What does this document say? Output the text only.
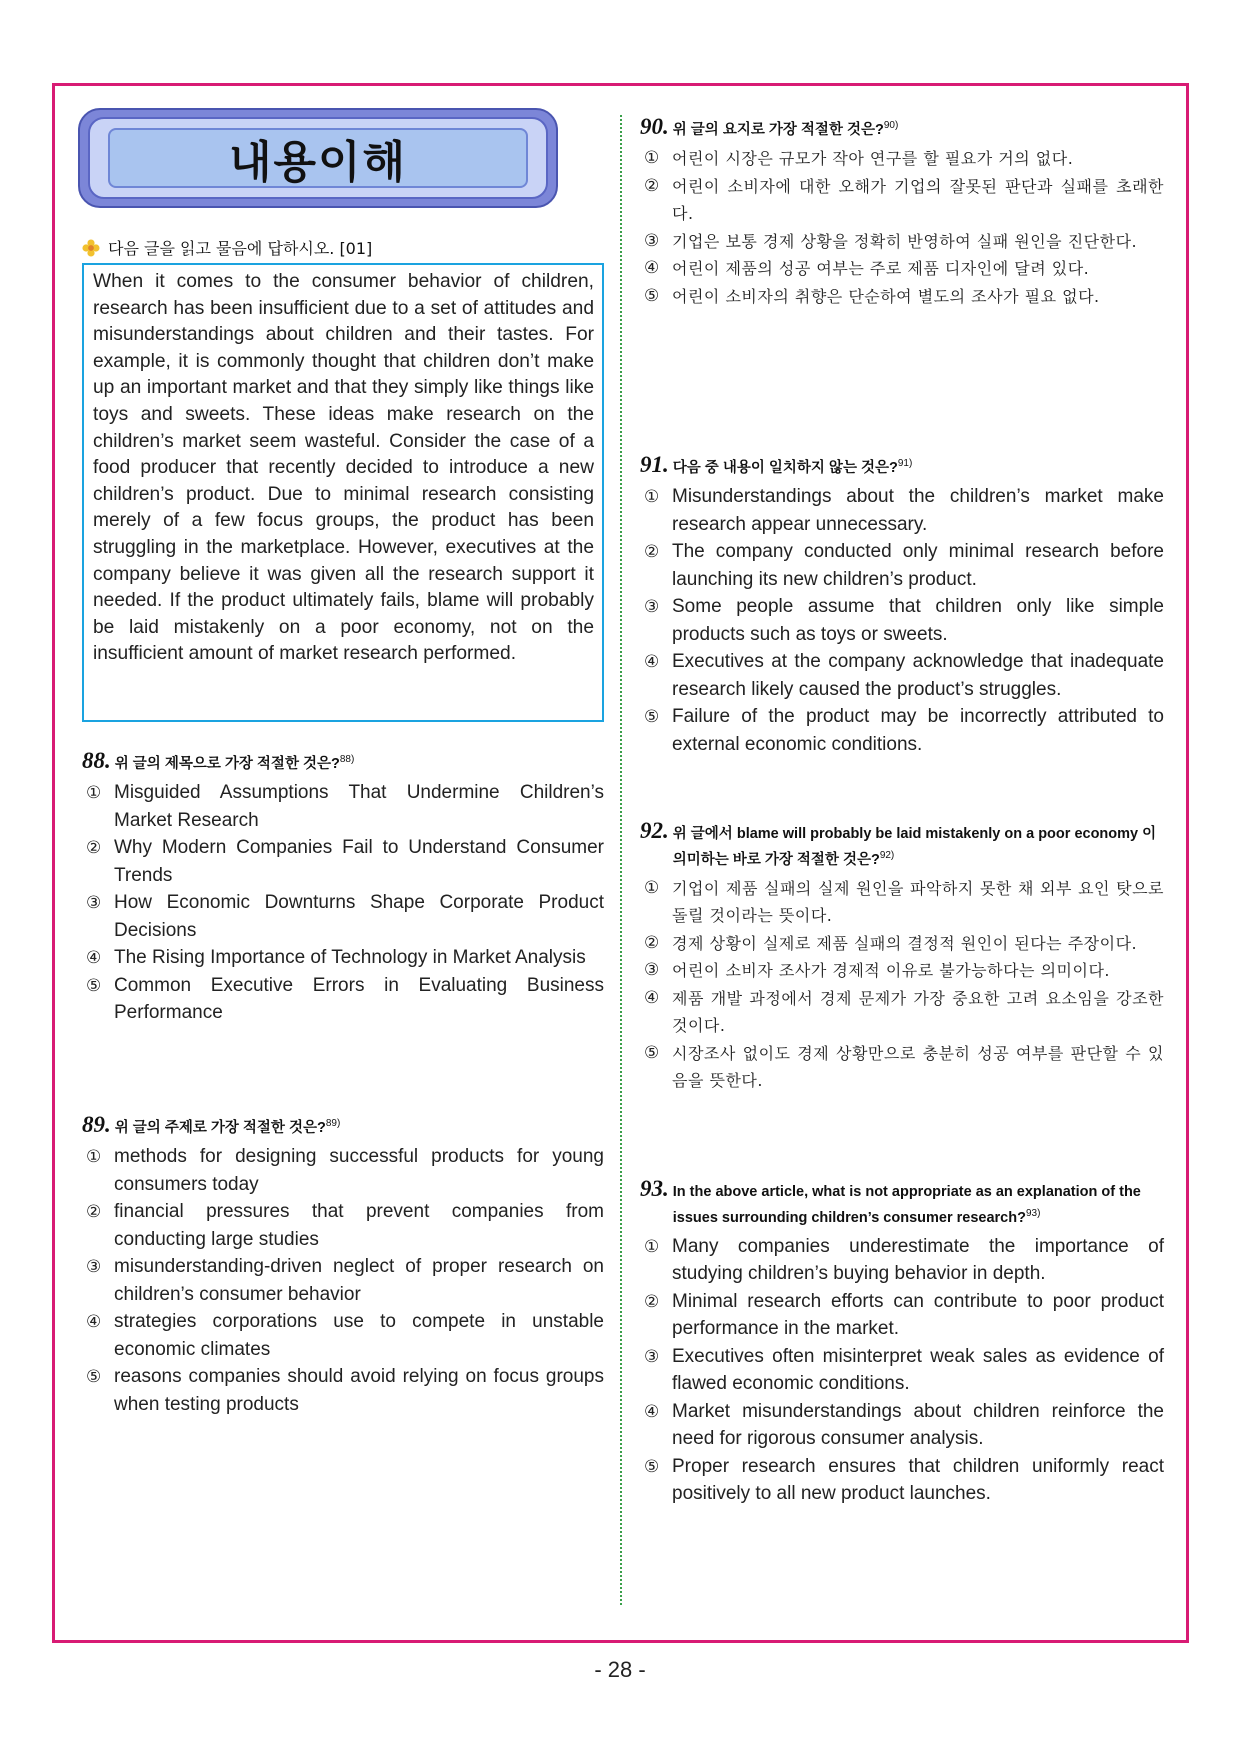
내용이해
다음 글을 읽고 물음에 답하시오. [01]
When it comes to the consumer behavior of children, research has been insufficient due to a set of attitudes and misunderstandings about children and their tastes. For example, it is commonly thought that children don’t make up an important market and that they simply like things like toys and sweets. These ideas make research on the children’s market seem wasteful. Consider the case of a food producer that recently decided to introduce a new children’s product. Due to minimal research consisting merely of a few focus groups, the product has been struggling in the marketplace. However, executives at the company believe it was given all the research support it needed. If the product ultimately fails, blame will probably be laid mistakenly on a poor economy, not on the insufficient amount of market research performed.
88. 위 글의 제목으로 가장 적절한 것은?$^{88)}$
① Misguided Assumptions That Undermine Children’s Market Research
② Why Modern Companies Fail to Understand Consumer Trends
③ How Economic Downturns Shape Corporate Product Decisions
④ The Rising Importance of Technology in Market Analysis
⑤ Common Executive Errors in Evaluating Business Performance
89. 위 글의 주제로 가장 적절한 것은?$^{89)}$
① methods for designing successful products for young consumers today
② financial pressures that prevent companies from conducting large studies
③ misunderstanding-driven neglect of proper research on children’s consumer behavior
④ strategies corporations use to compete in unstable economic climates
⑤ reasons companies should avoid relying on focus groups when testing products
90. 위 글의 요지로 가장 적절한 것은?$^{90)}$
① 어린이 시장은 규모가 작아 연구를 할 필요가 거의 없다.
② 어린이 소비자에 대한 오해가 기업의 잘못된 판단과 실패를 초래한다.
③ 기업은 보통 경제 상황을 정확히 반영하여 실패 원인을 진단한다.
④ 어린이 제품의 성공 여부는 주로 제품 디자인에 달려 있다.
⑤ 어린이 소비자의 취향은 단순하여 별도의 조사가 필요 없다.
91. 다음 중 내용이 일치하지 않는 것은?$^{91)}$
① Misunderstandings about the children’s market make research appear unnecessary.
② The company conducted only minimal research before launching its new children’s product.
③ Some people assume that children only like simple products such as toys or sweets.
④ Executives at the company acknowledge that inadequate research likely caused the product’s struggles.
⑤ Failure of the product may be incorrectly attributed to external economic conditions.
92. 위 글에서 blame will probably be laid mistakenly on a poor economy 이 의미하는 바로 가장 적절한 것은?$^{92)}$
① 기업이 제품 실패의 실제 원인을 파악하지 못한 채 외부 요인 탓으로 돌릴 것이라는 뜻이다.
② 경제 상황이 실제로 제품 실패의 결정적 원인이 된다는 주장이다.
③ 어린이 소비자 조사가 경제적 이유로 불가능하다는 의미이다.
④ 제품 개발 과정에서 경제 문제가 가장 중요한 고려 요소임을 강조한 것이다.
⑤ 시장조사 없이도 경제 상황만으로 충분히 성공 여부를 판단할 수 있음을 뜻한다.
93. In the above article, what is not appropriate as an explanation of the issues surrounding children’s consumer research?$^{93)}$
① Many companies underestimate the importance of studying children’s buying behavior in depth.
② Minimal research efforts can contribute to poor product performance in the market.
③ Executives often misinterpret weak sales as evidence of flawed economic conditions.
④ Market misunderstandings about children reinforce the need for rigorous consumer analysis.
⑤ Proper research ensures that children uniformly react positively to all new product launches.
- 28 -
